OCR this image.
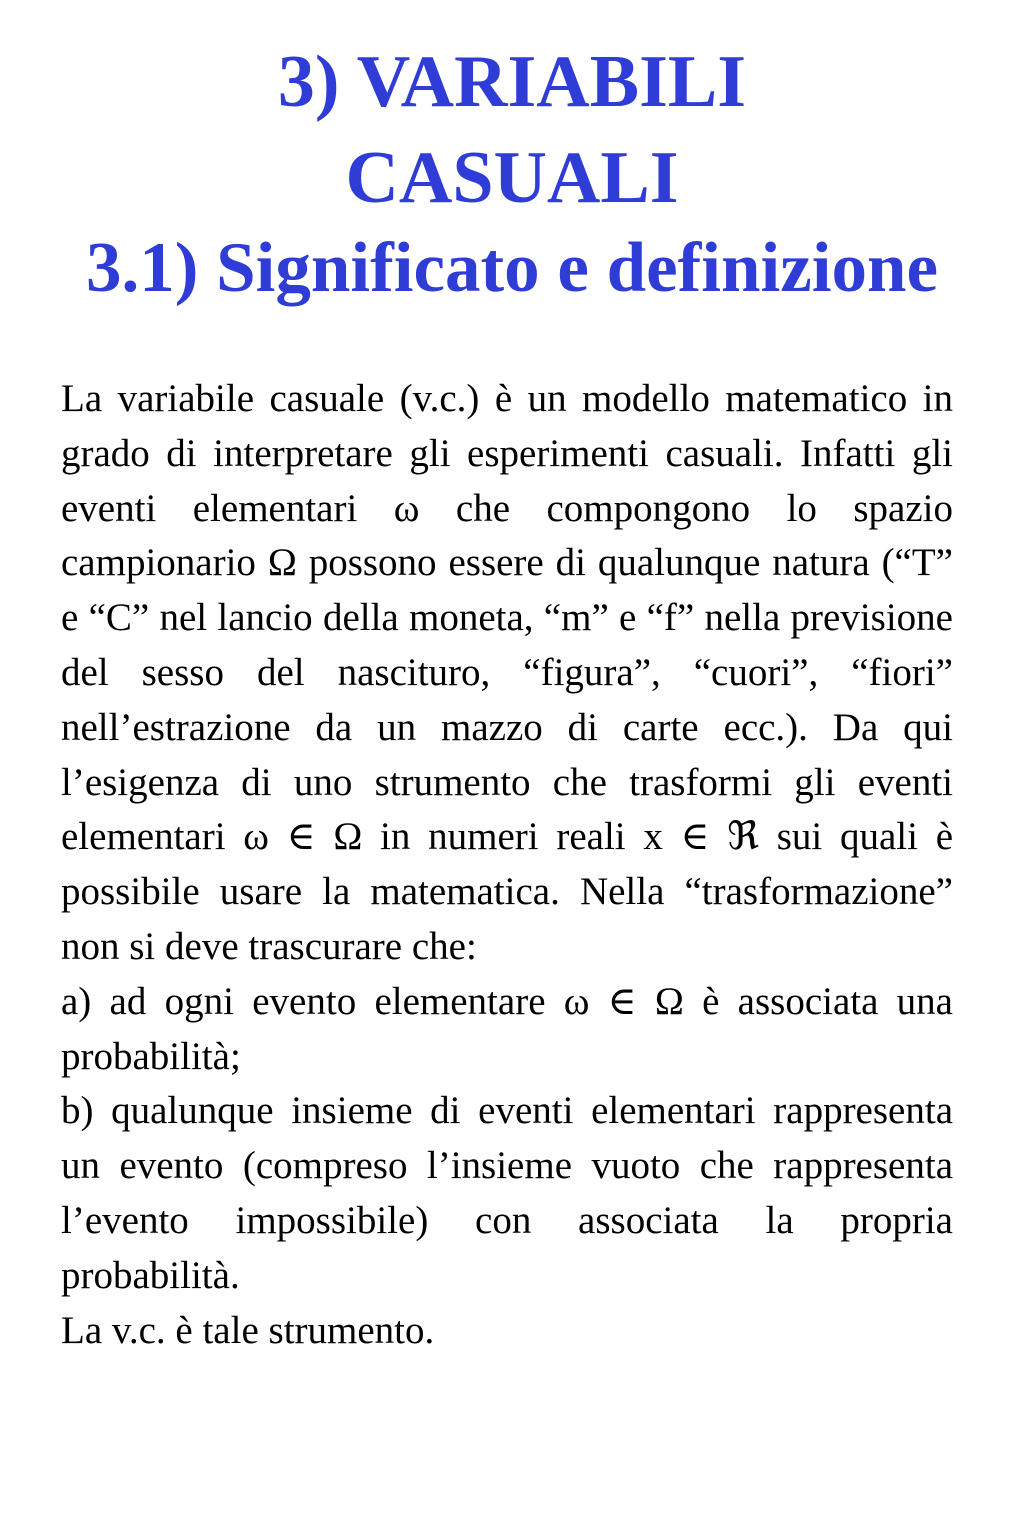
3) VARIABILI
CASUALI
3.1) Significato e definizione

La variabile casuale (v.c.) è un modello matematico in grado di interpretare gli esperimenti casuali. Infatti gli eventi elementari ω che compongono lo spazio campionario Ω possono essere di qualunque natura (“T” e “C” nel lancio della moneta, “m” e “f” nella previsione del sesso del nascituro, “figura”, “cuori”, “fiori” nell’estrazione da un mazzo di carte ecc.). Da qui l’esigenza di uno strumento che trasformi gli eventi elementari ω ∈ Ω in numeri reali x ∈ ℜ sui quali è possibile usare la matematica. Nella “trasformazione” non si deve trascurare che:

a) ad ogni evento elementare ω ∈ Ω è associata una probabilità;

b) qualunque insieme di eventi elementari rappresenta un evento (compreso l’insieme vuoto che rappresenta l’evento impossibile) con associata la propria probabilità.

La v.c. è tale strumento.
